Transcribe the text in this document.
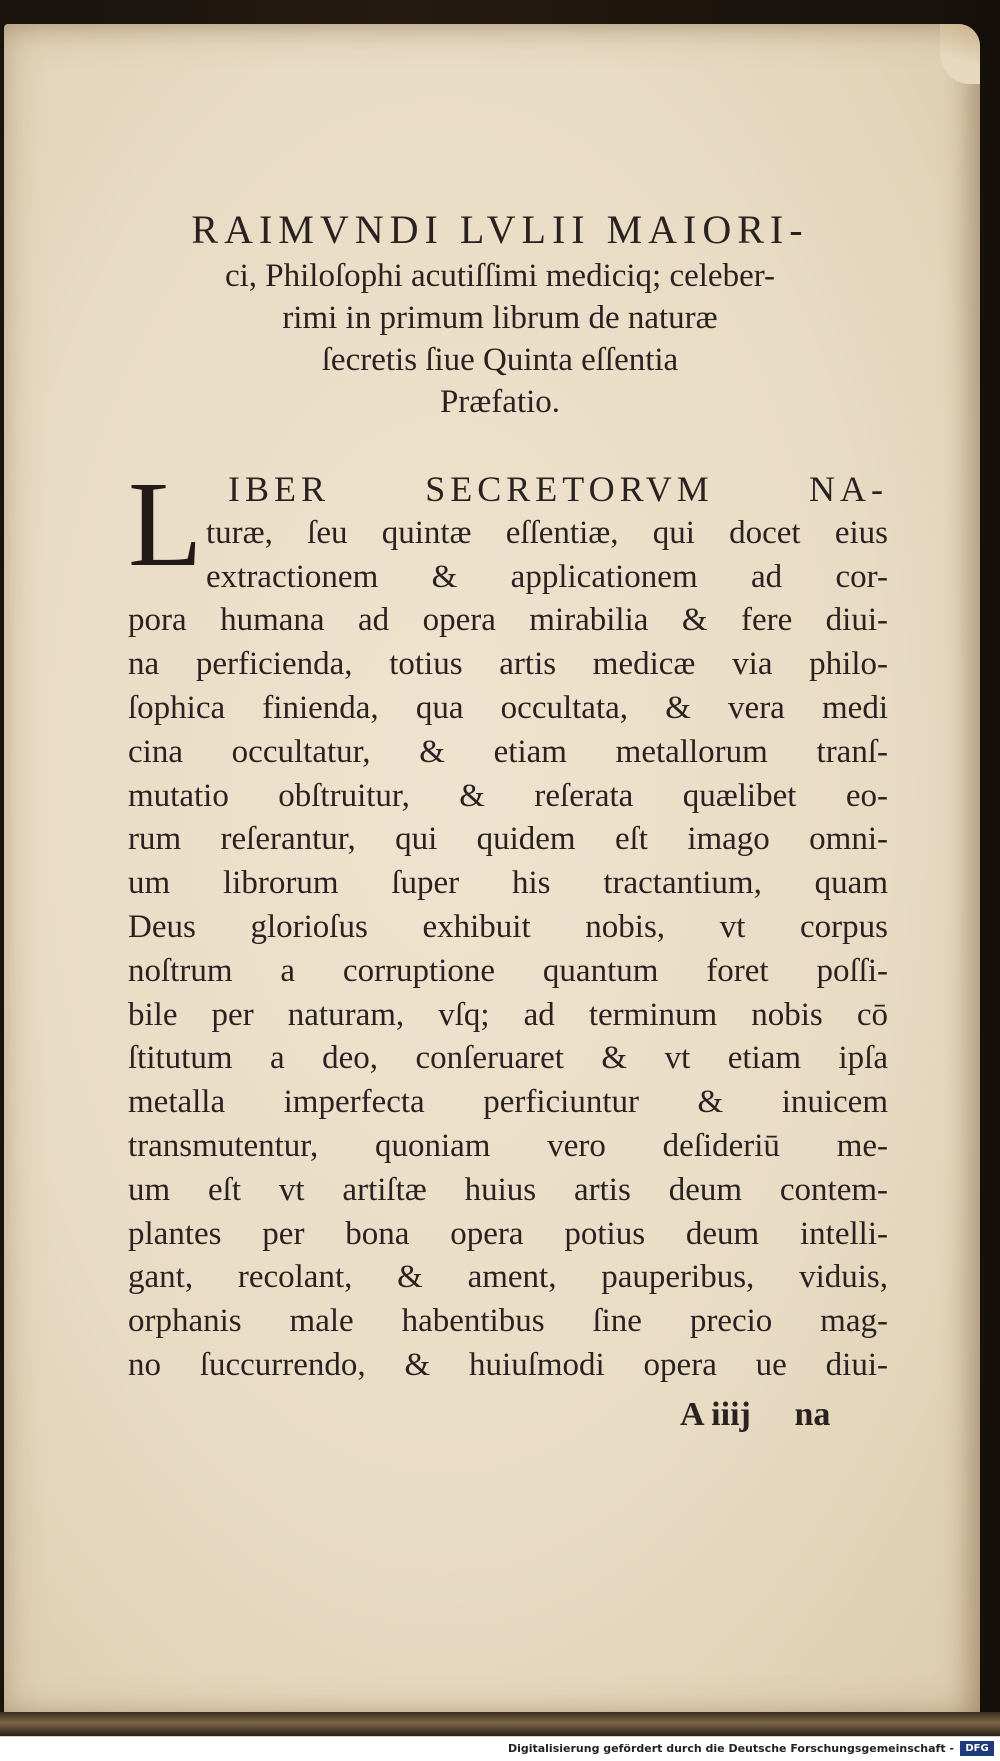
RAIMVNDI LVLII MAIORI-
ci, Philoſophi acutiſſimi mediciq; celeber-
rimi in primum librum de naturæ
ſecretis ſiue Quinta eſſentia
Præfatio.
L IBER SECRETORVM NA-
turæ, ſeu quintæ eſſentiæ, qui docet eius
extractionem & applicationem ad cor-
pora humana ad opera mirabilia & fere diui-
na perficienda, totius artis medicæ via philo-
ſophica finienda, qua occultata, & vera medi
cina occultatur, & etiam metallorum tranſ-
mutatio obſtruitur, & reſerata quælibet eo-
rum reſerantur, qui quidem eſt imago omni-
um librorum ſuper his tractantium, quam
Deus glorioſus exhibuit nobis, vt corpus
noſtrum a corruptione quantum foret poſſi-
bile per naturam, vſq; ad terminum nobis cō
ſtitutum a deo, conſeruaret & vt etiam ipſa
metalla imperfecta perficiuntur & inuicem
transmutentur, quoniam vero deſideriū me-
um eſt vt artiſtæ huius artis deum contem-
plantes per bona opera potius deum intelli-
gant, recolant, & ament, pauperibus, viduis,
orphanis male habentibus ſine precio mag-
no ſuccurrendo, & huiuſmodi opera ue diui-
A iiij na
Digitalisierung gefördert durch die Deutsche Forschungsgemeinschaft -	DFG
